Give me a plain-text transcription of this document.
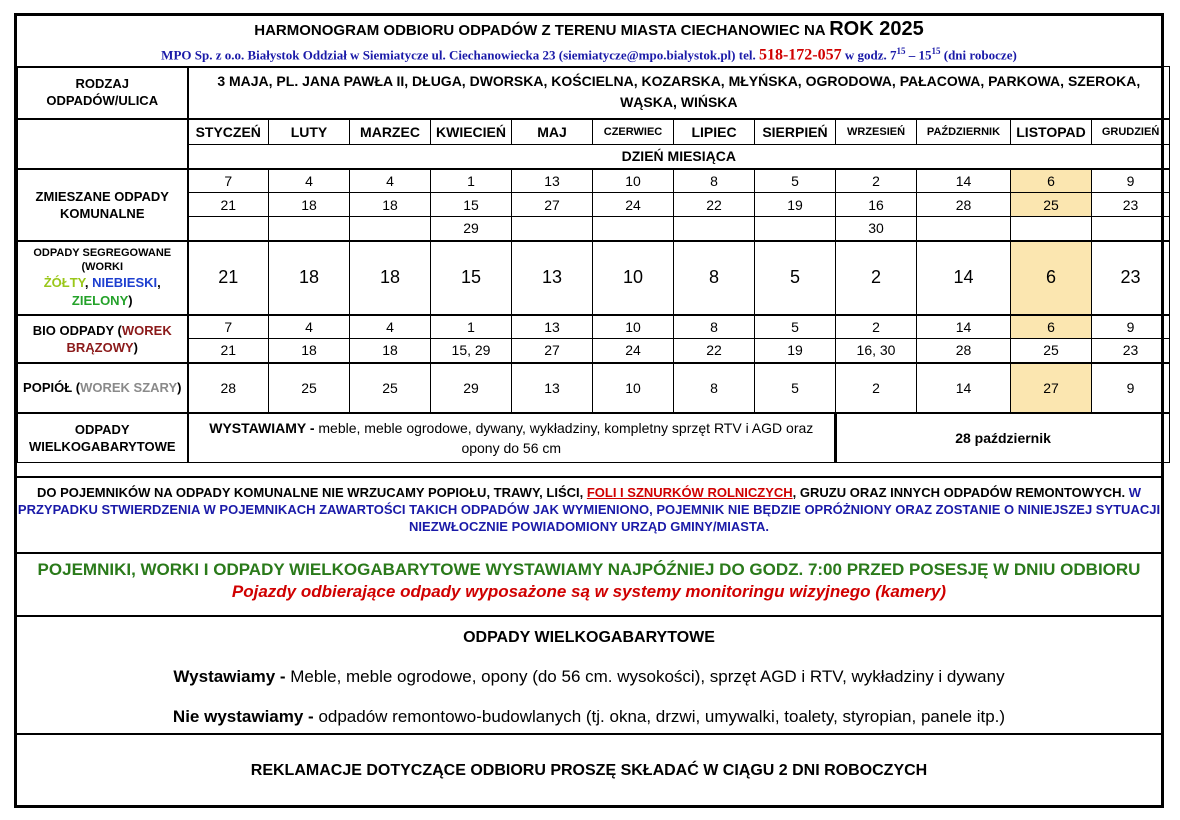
HARMONOGRAM ODBIORU ODPADÓW Z TERENU MIASTA CIECHANOWIEC NA ROK 2025
MPO Sp. z o.o. Białystok Oddział w Siemiatycze ul. Ciechanowiecka 23 (siemiatycze@mpo.bialystok.pl) tel. 518-172-057 w godz. $7^{15} - 15^{15}$ (dni robocze)
RODZAJ ODPADÓW/ULICA	3 MAJA, PL. JANA PAWŁA II, DŁUGA, DWORSKA, KOŚCIELNA, KOZARSKA, MŁYŃSKA, OGRODOWA, PAŁACOWA, PARKOWA, SZEROKA, WĄSKA, WIŃSKA											
	STYCZEŃ	LUTY	MARZEC	KWIECIEŃ	MAJ	CZERWIEC	LIPIEC	SIERPIEŃ	WRZESIEŃ	PAŹDZIERNIK	LISTOPAD	GRUDZIEŃ
	DZIEŃ MIESIĄCA											
ZMIESZANE ODPADY KOMUNALNE	7	4	4	1	13	10	8	5	2	14	6	9
	21	18	18	15	27	24	22	19	16	28	25	23
				29					30			

ODPADY SEGREGOWANE
(WORKI
ŻÓŁTY, NIEBIESKI,
ZIELONY)	21	18	18	15	13	10	8	5	2	14	6	23
BIO ODPADY (WOREK BRĄZOWY)	7	4	4	1	13	10	8	5	2	14	6	9
	21	18	18	15, 29	27	24	22	19	16, 30	28	25	23
POPIÓŁ (WOREK SZARY)	28	25	25	29	13	10	8	5	2	14	27	9
ODPADY WIELKOGABARYTOWE	WYSTAWIAMY - meble, meble ogrodowe, dywany, wykładziny, kompletny sprzęt RTV i AGD oraz opony do 56 cm								28 październik			
DO POJEMNIKÓW NA ODPADY KOMUNALNE NIE WRZUCAMY POPIOŁU, TRAWY, LIŚCI, FOLI I SZNURKÓW ROLNICZYCH, GRUZU ORAZ INNYCH ODPADÓW REMONTOWYCH. W PRZYPADKU STWIERDZENIA W POJEMNIKACH ZAWARTOŚCI TAKICH ODPADÓW JAK WYMIENIONO, POJEMNIK NIE BĘDZIE OPRÓŻNIONY ORAZ ZOSTANIE O NINIEJSZEJ SYTUACJI NIEZWŁOCZNIE POWIADOMIONY URZĄD GMINY/MIASTA.
POJEMNIKI, WORKI I ODPADY WIELKOGABARYTOWE WYSTAWIAMY NAJPÓŹNIEJ DO GODZ. 7:00 PRZED POSESJĘ W DNIU ODBIORU Pojazdy odbierające odpady wyposażone są w systemy monitoringu wizyjnego (kamery)
ODPADY WIELKOGABARYTOWE
Wystawiamy - Meble, meble ogrodowe, opony (do 56 cm. wysokości), sprzęt AGD i RTV, wykładziny i dywany
Nie wystawiamy - odpadów remontowo-budowlanych (tj. okna, drzwi, umywalki, toalety, styropian, panele itp.)
REKLAMACJE DOTYCZĄCE ODBIORU PROSZĘ SKŁADAĆ W CIĄGU 2 DNI ROBOCZYCH
